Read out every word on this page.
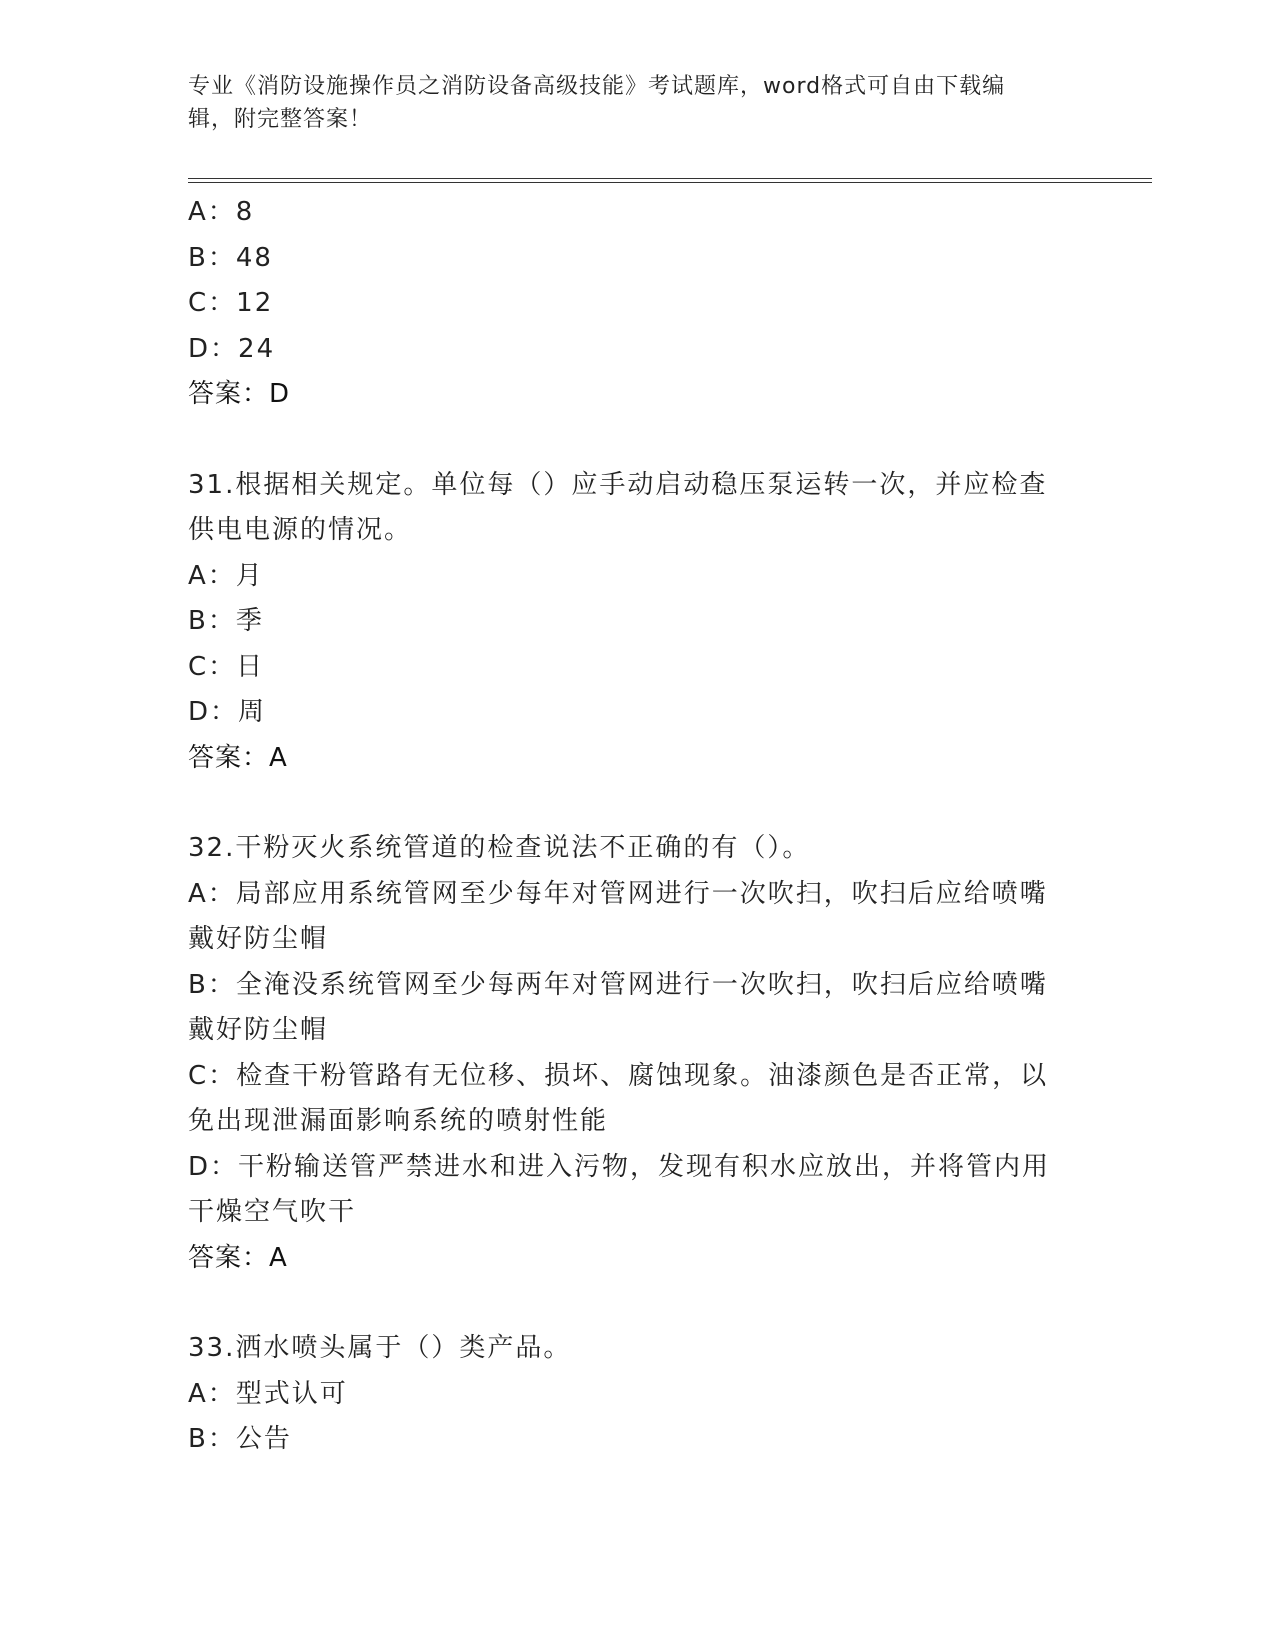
专业《消防设施操作员之消防设备高级技能》考试题库，word格式可自由下载编
辑，附完整答案！
A：8
B：48
C：12
D：24
答案：D
31.根据相关规定。单位每（）应手动启动稳压泵运转一次，并应检查
供电电源的情况。
A：月
B：季
C：日
D：周
答案：A
32.干粉灭火系统管道的检查说法不正确的有（）。
A：局部应用系统管网至少每年对管网进行一次吹扫，吹扫后应给喷嘴
戴好防尘帽
B：全淹没系统管网至少每两年对管网进行一次吹扫，吹扫后应给喷嘴
戴好防尘帽
C：检查干粉管路有无位移、损坏、腐蚀现象。油漆颜色是否正常，以
免出现泄漏面影响系统的喷射性能
D：干粉输送管严禁进水和进入污物，发现有积水应放出，并将管内用
干燥空气吹干
答案：A
33.洒水喷头属于（）类产品。
A：型式认可
B：公告
